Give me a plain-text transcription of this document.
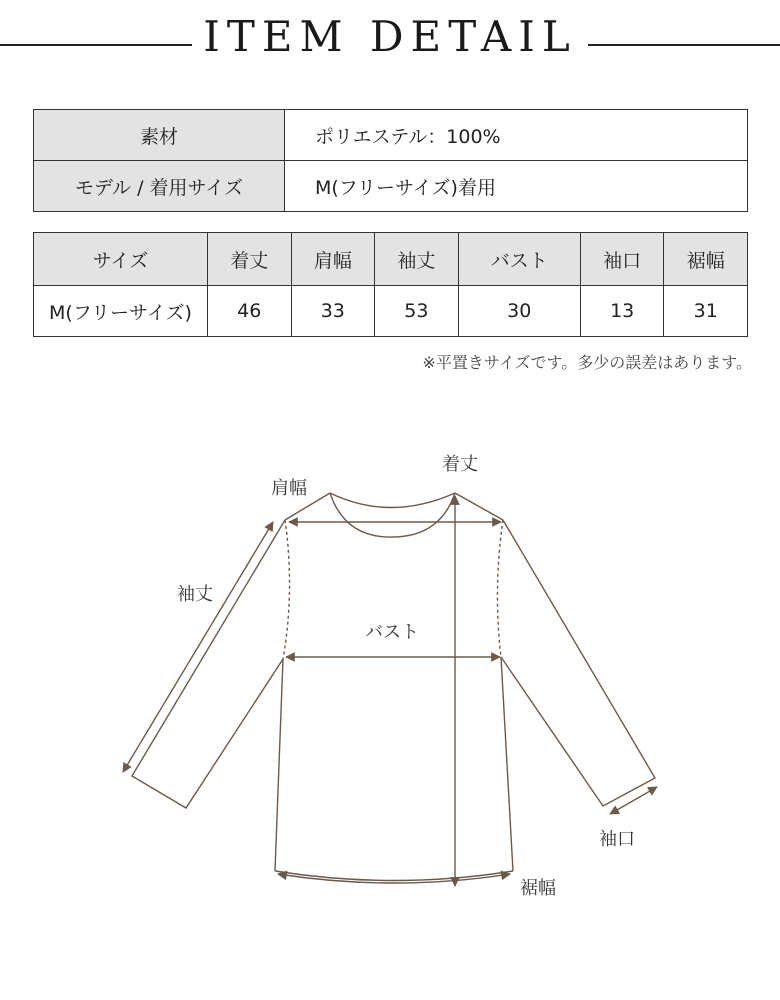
ITEM DETAIL
素材	ポリエステル：100%
モデル / 着用サイズ	M(フリーサイズ)着用
サイズ	着丈	肩幅	袖丈	バスト	袖口	裾幅
M(フリーサイズ)	46	33	53	30	13	31
※平置きサイズです。多少の誤差はあります。
着丈
肩幅
袖丈
バスト
袖口
裾幅
